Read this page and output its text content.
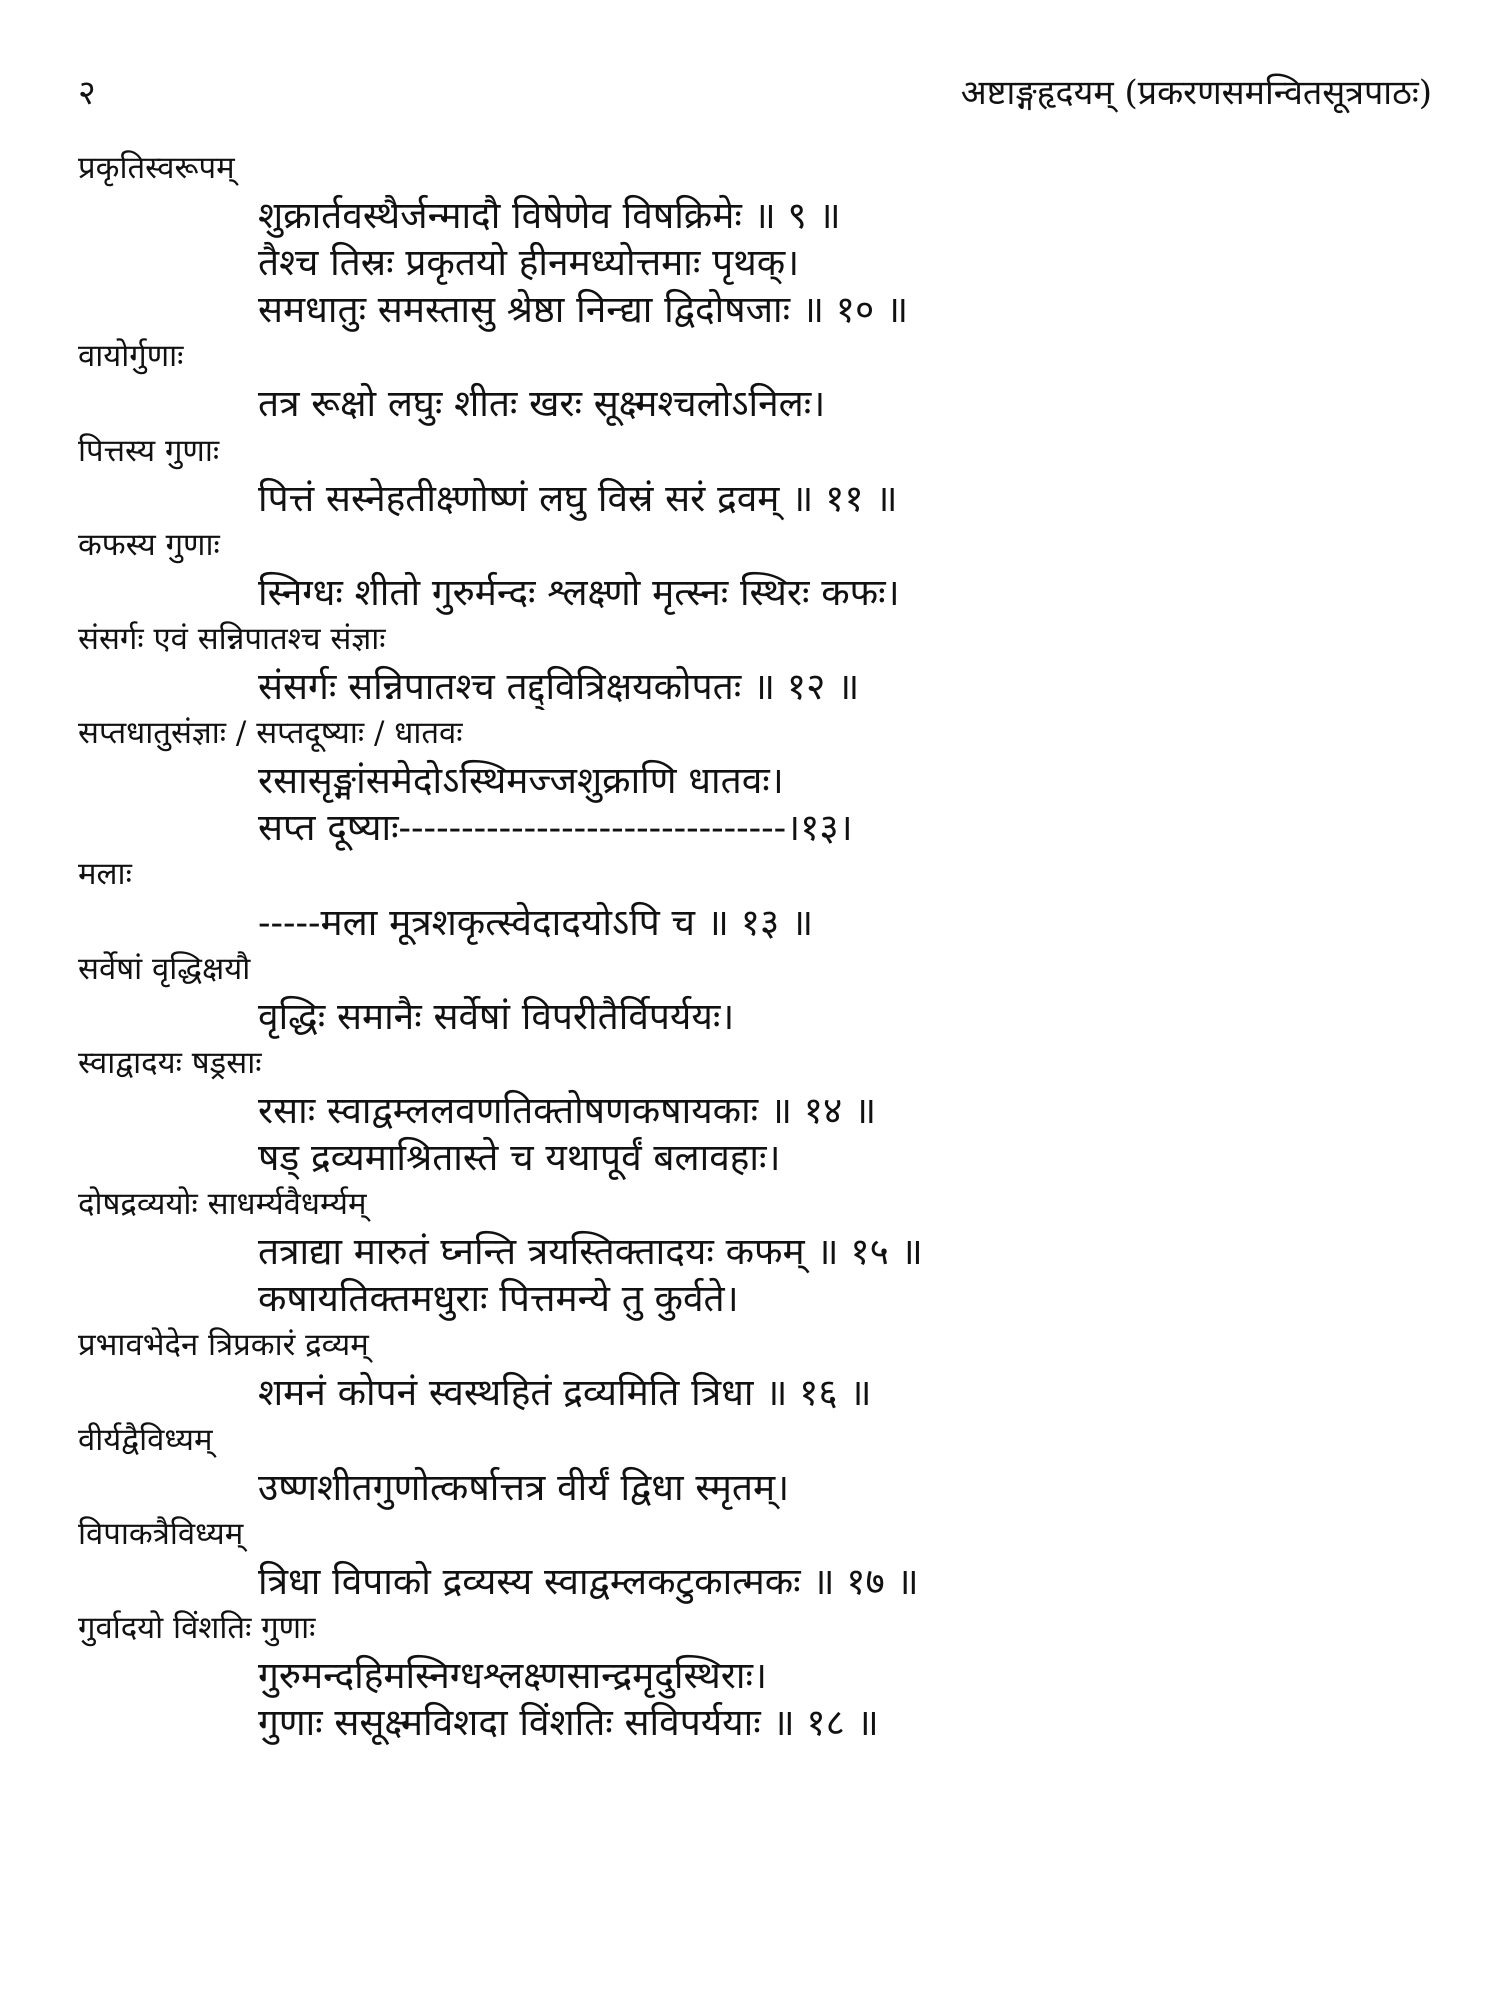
२	अष्टाङ्गहृदयम् (प्रकरणसमन्वितसूत्रपाठः)
प्रकृतिस्वरूपम्
शुक्रार्तवस्थैर्जन्मादौ विषेणेव विषक्रिमेः ॥ ९ ॥
तैश्च तिस्रः प्रकृतयो हीनमध्योत्तमाः पृथक्।
समधातुः समस्तासु श्रेष्ठा निन्द्या द्विदोषजाः ॥ १० ॥
वायोर्गुणाः
तत्र रूक्षो लघुः शीतः खरः सूक्ष्मश्चलोऽनिलः।
पित्तस्य गुणाः
पित्तं सस्नेहतीक्ष्णोष्णं लघु विस्रं सरं द्रवम् ॥ ११ ॥
कफस्य गुणाः
स्निग्धः शीतो गुरुर्मन्दः श्लक्ष्णो मृत्स्नः स्थिरः कफः।
संसर्गः एवं सन्निपातश्च संज्ञाः
संसर्गः सन्निपातश्च तद्द्वित्रिक्षयकोपतः ॥ १२ ॥
सप्तधातुसंज्ञाः / सप्तदूष्याः / धातवः
रसासृङ्मांसमेदोऽस्थिमज्जशुक्राणि धातवः।
सप्त दूष्याः-------------------------------।१३।
मलाः
-----मला मूत्रशकृत्स्वेदादयोऽपि च ॥ १३ ॥
सर्वेषां वृद्धिक्षयौ
वृद्धिः समानैः सर्वेषां विपरीतैर्विपर्ययः।
स्वाद्वादयः षड्रसाः
रसाः स्वाद्वम्ललवणतिक्तोषणकषायकाः ॥ १४ ॥
षड् द्रव्यमाश्रितास्ते च यथापूर्वं बलावहाः।
दोषद्रव्ययोः साधर्म्यवैधर्म्यम्
तत्राद्या मारुतं घ्नन्ति त्रयस्तिक्तादयः कफम् ॥ १५ ॥
कषायतिक्तमधुराः पित्तमन्ये तु कुर्वते।
प्रभावभेदेन त्रिप्रकारं द्रव्यम्
शमनं कोपनं स्वस्थहितं द्रव्यमिति त्रिधा ॥ १६ ॥
वीर्यद्वैविध्यम्
उष्णशीतगुणोत्कर्षात्तत्र वीर्यं द्विधा स्मृतम्।
विपाकत्रैविध्यम्
त्रिधा विपाको द्रव्यस्य स्वाद्वम्लकटुकात्मकः ॥ १७ ॥
गुर्वादयो विंशतिः गुणाः
गुरुमन्दहिमस्निग्धश्लक्ष्णसान्द्रमृदुस्थिराः।
गुणाः ससूक्ष्मविशदा विंशतिः सविपर्ययाः ॥ १८ ॥
